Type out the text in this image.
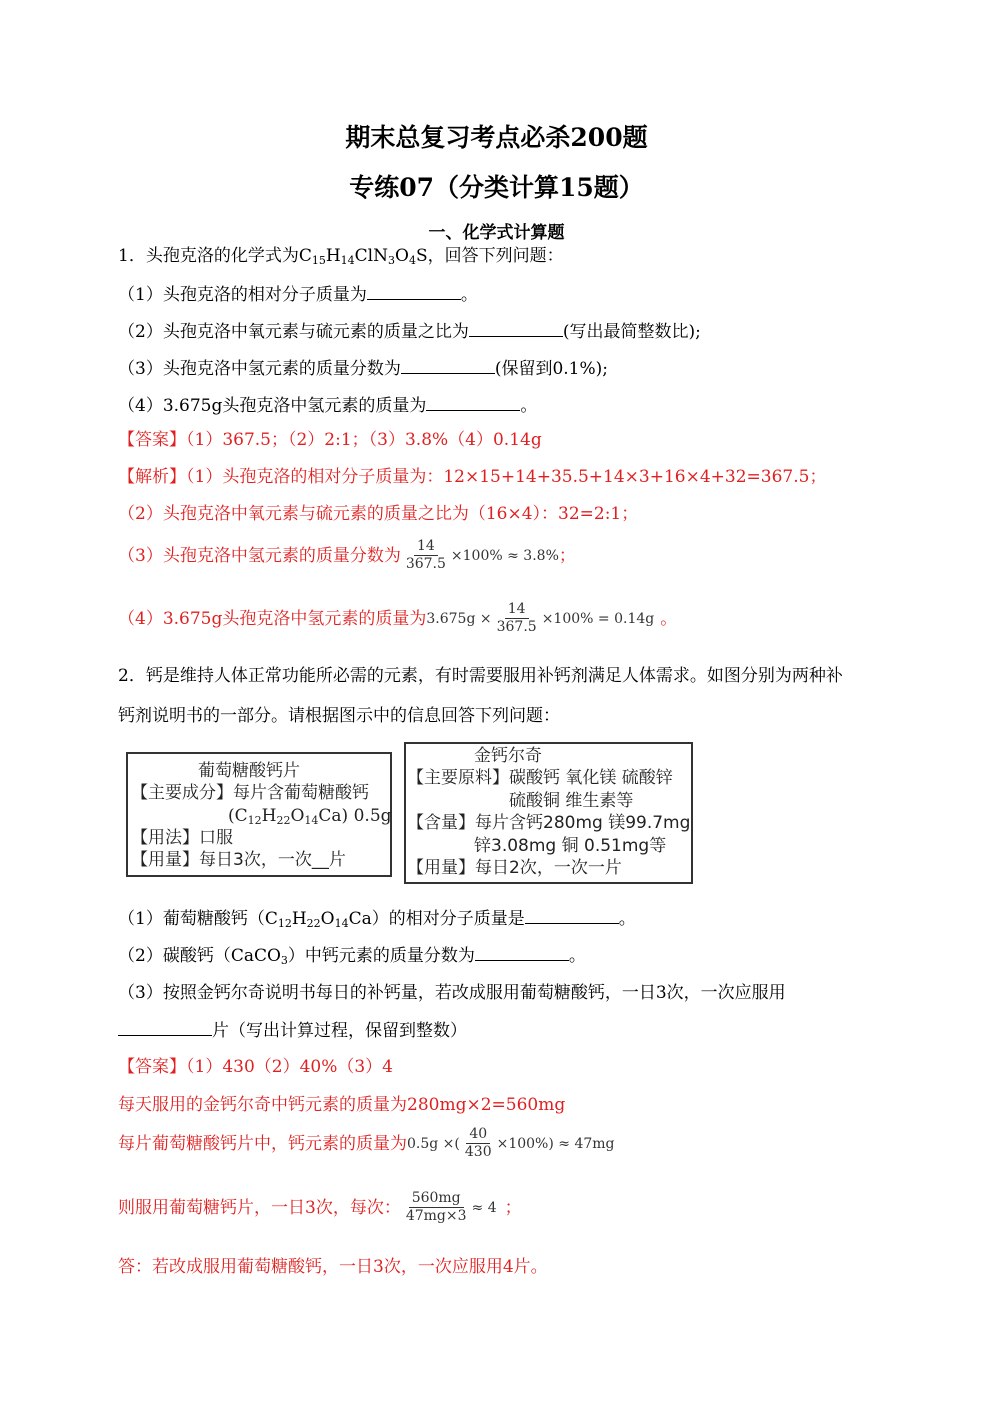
期末总复习考点必杀200题
专练07（分类计算15题）
一、化学式计算题
1．头孢克洛的化学式为$C_{15}H_{14}ClN_3O_4S$，回答下列问题：
（1）头孢克洛的相对分子质量为	。
（2）头孢克洛中氧元素与硫元素的质量之比为	(写出最简整数比);
（3）头孢克洛中氢元素的质量分数为	(保留到0.1%);
（4）3.675g头孢克洛中氢元素的质量为	。
【答案】（1）367.5；（2）2:1；（3）3.8%（4）0.14g
【解析】（1）头孢克洛的相对分子质量为：12×15+14+35.5+14×3+16×4+32=367.5；
（2）头孢克洛中氧元素与硫元素的质量之比为（16×4）：32=2:1；
（3）头孢克洛中氢元素的质量分数为 $\frac{14}{367.5} \times 100\% \approx 3.8\%$ ；
（4）3.675g头孢克洛中氢元素的质量为 $3.675g \times \frac{14}{367.5} \times 100\% = 0.14g$ 。
2．钙是维持人体正常功能所必需的元素，有时需要服用补钙剂满足人体需求。如图分别为两种补
钙剂说明书的一部分。请根据图示中的信息回答下列问题：
葡萄糖酸钙片
【主要成分】每片含葡萄糖酸钙
$(C_{12}H_{22}O_{14}Ca)$ 0.5g
【用法】口服
【用量】每日3次，一次__片
金钙尔奇
【主要原料】碳酸钙 氧化镁 硫酸锌
硫酸铜 维生素等
【含量】每片含钙280mg 镁99.7mg
锌3.08mg 铜 0.51mg等
【用量】每日2次，一次一片
（1）葡萄糖酸钙$(C_{12}H_{22}O_{14}Ca)$的相对分子质量是	。
（2）碳酸钙（CaCO$_3$）中钙元素的质量分数为	。
（3）按照金钙尔奇说明书每日的补钙量，若改成服用葡萄糖酸钙，一日3次，一次应服用
片（写出计算过程，保留到整数）
【答案】（1）430（2）40%（3）4
每天服用的金钙尔奇中钙元素的质量为280mg×2=560mg
每片葡萄糖酸钙片中，钙元素的质量为 0.5g ×( $\frac{40}{430} \times 100\%) \approx 47mg$
则服用葡萄糖钙片，一日3次，每次： $\frac{560mg}{47mg\times 3} \approx 4$ ；
答：若改成服用葡萄糖酸钙，一日3次，一次应服用4片。
